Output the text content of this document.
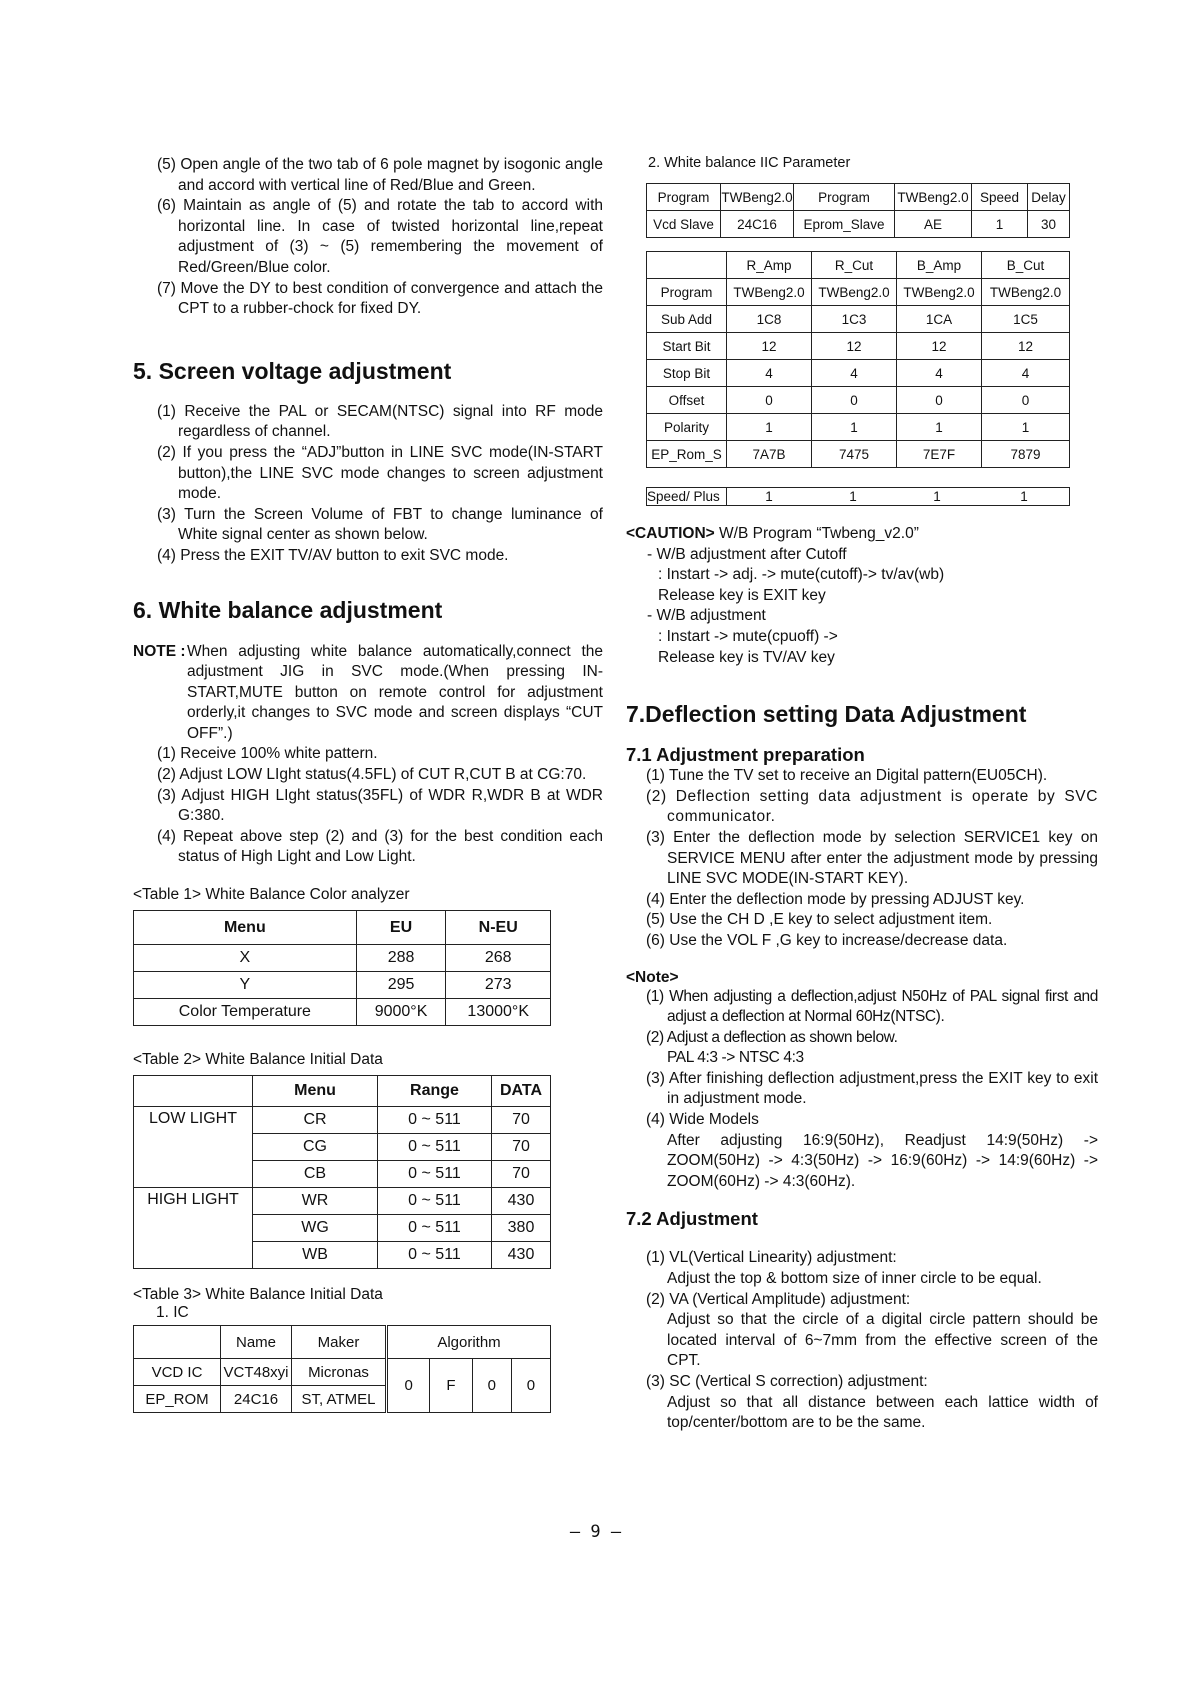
(5) Open angle of the two tab of 6 pole magnet by isogonic angle and accord with vertical line of Red/Blue and Green.

(6) Maintain as angle of (5) and rotate the tab to accord with horizontal line. In case of twisted horizontal line,repeat adjustment of (3) ~ (5) remembering the movement of Red/Green/Blue color.

(7) Move the DY to best condition of convergence and attach the CPT to a rubber-chock for fixed DY.

5. Screen voltage adjustment

(1) Receive the PAL or SECAM(NTSC) signal into RF mode regardless of channel.

(2) If you press the “ADJ”button in LINE SVC mode(IN-START button),the LINE SVC mode changes to screen adjustment mode.

(3) Turn the Screen Volume of FBT to change luminance of White signal center as shown below.

(4) Press the EXIT TV/AV button to exit SVC mode.

6. White balance adjustment
NOTE : When adjusting white balance automatically,connect the adjustment JIG in SVC mode.(When pressing IN-START,MUTE button on remote control for adjustment orderly,it changes to SVC mode and screen displays “CUT OFF”.)

(1) Receive 100% white pattern.

(2) Adjust LOW LIght status(4.5FL) of CUT R,CUT B at CG:70.

(3) Adjust HIGH LIght status(35FL) of WDR R,WDR B at WDR G:380.

(4) Repeat above step (2) and (3) for the best condition each status of High Light and Low Light.

<Table 1> White Balance Color analyzer

Menu	EU	N-EU
X	288	268
Y	295	273
Color Temperature	9000°K	13000°K

<Table 2> White Balance Initial Data

	Menu	Range	DATA
LOW LIGHT	CR	0 ~ 511	70
	CG	0 ~ 511	70
	CB	0 ~ 511	70
HIGH LIGHT	WR	0 ~ 511	430
	WG	0 ~ 511	380
	WB	0 ~ 511	430

<Table 3> White Balance Initial Data

1. IC

	Name	Maker	Algorithm			
VCD IC	VCT48xyi	Micronas	0	F	0	0
EP_ROM	24C16	ST, ATMEL				

2. White balance IIC Parameter

Program	TWBeng2.0	Program	TWBeng2.0	Speed	Delay
Vcd Slave	24C16	Eprom_Slave	AE	1	30
	R_Amp	R_Cut	B_Amp	B_Cut
Program	TWBeng2.0	TWBeng2.0	TWBeng2.0	TWBeng2.0
Sub Add	1C8	1C3	1CA	1C5
Start Bit	12	12	12	12
Stop Bit	4	4	4	4
Offset	0	0	0	0
Polarity	1	1	1	1
EP_Rom_S	7A7B	7475	7E7F	7879
Speed/ Plus	1	1	1	1

<CAUTION> W/B Program “Twbeng_v2.0”

- W/B adjustment after Cutoff

: Instart -> adj. -> mute(cutoff)-> tv/av(wb)

Release key is EXIT key

- W/B adjustment

: Instart -> mute(cpuoff) ->

Release key is TV/AV key

7.Deflection setting Data Adjustment
7.1 Adjustment preparation

(1) Tune the TV set to receive an Digital pattern(EU05CH).

(2) Deflection setting data adjustment is operate by SVC communicator.

(3) Enter the deflection mode by selection SERVICE1 key on SERVICE MENU after enter the adjustment mode by pressing LINE SVC MODE(IN-START KEY).

(4) Enter the deflection mode by pressing ADJUST key.

(5) Use the CH D ,E key to select adjustment item.

(6) Use the VOL F ,G key to increase/decrease data.

<Note>

(1) When adjusting a deflection,adjust N50Hz of PAL signal first and adjust a deflection at Normal 60Hz(NTSC).

(2) Adjust a deflection as shown below.

PAL 4:3 -> NTSC 4:3

(3) After finishing deflection adjustment,press the EXIT key to exit in adjustment mode.

(4) Wide Models

After adjusting 16:9(50Hz), Readjust 14:9(50Hz) -> ZOOM(50Hz) -> 4:3(50Hz) -> 16:9(60Hz) -> 14:9(60Hz) -> ZOOM(60Hz) -> 4:3(60Hz).

7.2 Adjustment

(1) VL(Vertical Linearity) adjustment:

Adjust the top & bottom size of inner circle to be equal.

(2) VA (Vertical Amplitude) adjustment:

Adjust so that the circle of a digital circle pattern should be located interval of 6~7mm from the effective screen of the CPT.

(3) SC (Vertical S correction) adjustment:

Adjust so that all distance between each lattice width of top/center/bottom are to be the same.

– 9 –
